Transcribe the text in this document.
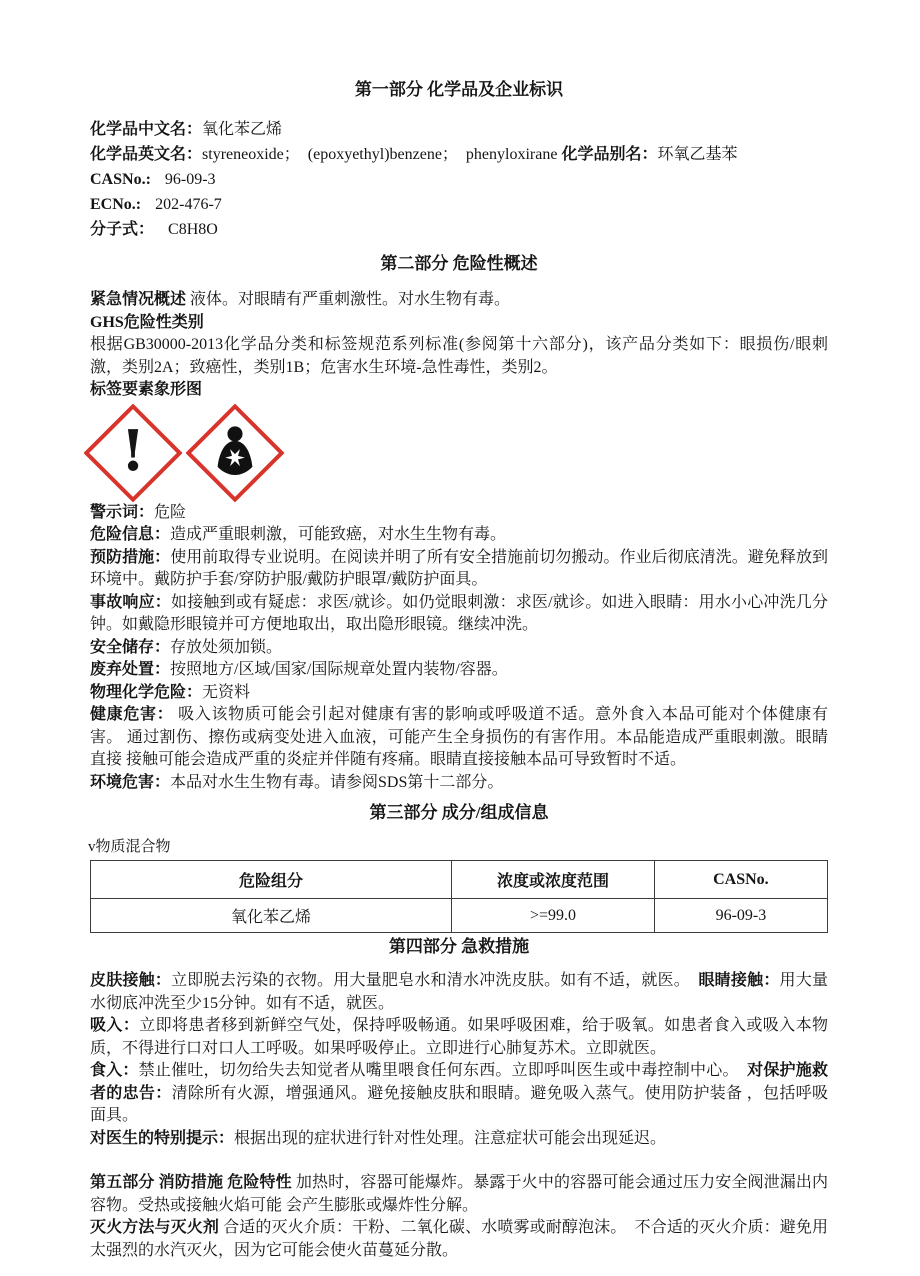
第一部分 化学品及企业标识
化学品中文名：氧化苯乙烯
化学品英文名：styreneoxide；  (epoxyethyl)benzene；  phenyloxirane 化学品别名：环氧乙基苯
CASNo.: 96-09-3
ECNo.: 202-476-7
分子式： C8H8O
第二部分 危险性概述

紧急情况概述 液体。对眼睛有严重刺激性。对水生物有毒。

GHS危险性类别

根据GB30000-2013化学品分类和标签规范系列标准(参阅第十六部分)，该产品分类如下：眼损伤/眼刺激，类别2A；致癌性，类别1B；危害水生环境-急性毒性，类别2。

标签要素象形图

!

警示词：危险

危险信息：造成严重眼刺激，可能致癌，对水生生物有毒。

预防措施：使用前取得专业说明。在阅读并明了所有安全措施前切勿搬动。作业后彻底清洗。避免释放到环境中。戴防护手套/穿防护服/戴防护眼罩/戴防护面具。

事故响应：如接触到或有疑虑：求医/就诊。如仍觉眼刺激：求医/就诊。如进入眼睛：用水小心冲洗几分钟。如戴隐形眼镜并可方便地取出，取出隐形眼镜。继续冲洗。

安全储存：存放处须加锁。

废弃处置：按照地方/区域/国家/国际规章处置内装物/容器。

物理化学危险：无资料

健康危害： 吸入该物质可能会引起对健康有害的影响或呼吸道不适。意外食入本品可能对个体健康有害。 通过割伤、擦伤或病变处进入血液，可能产生全身损伤的有害作用。本品能造成严重眼刺激。眼睛直接 接触可能会造成严重的炎症并伴随有疼痛。眼睛直接接触本品可导致暂时不适。

环境危害：本品对水生生物有毒。请参阅SDS第十二部分。

第三部分 成分/组成信息

v物质混合物

危险组分	浓度或浓度范围	CASNo.
氧化苯乙烯	>=99.0	96-09-3
第四部分 急救措施

皮肤接触：立即脱去污染的衣物。用大量肥皂水和清水冲洗皮肤。如有不适，就医。  眼睛接触：用大量水彻底冲洗至少15分钟。如有不适，就医。

吸入：立即将患者移到新鲜空气处，保持呼吸畅通。如果呼吸困难，给于吸氧。如患者食入或吸入本物质，不得进行口对口人工呼吸。如果呼吸停止。立即进行心肺复苏术。立即就医。

食入：禁止催吐，切勿给失去知觉者从嘴里喂食任何东西。立即呼叫医生或中毒控制中心。  对保护施救者的忠告：清除所有火源，增强通风。避免接触皮肤和眼睛。避免吸入蒸气。使用防护装备 ，包括呼吸面具。

对医生的特别提示：根据出现的症状进行针对性处理。注意症状可能会出现延迟。

第五部分 消防措施 危险特性 加热时，容器可能爆炸。暴露于火中的容器可能会通过压力安全阀泄漏出内容物。受热或接触火焰可能 会产生膨胀或爆炸性分解。

灭火方法与灭火剂 合适的灭火介质：干粉、二氧化碳、水喷雾或耐醇泡沫。  不合适的灭火介质：避免用太强烈的水汽灭火，因为它可能会使火苗蔓延分散。
